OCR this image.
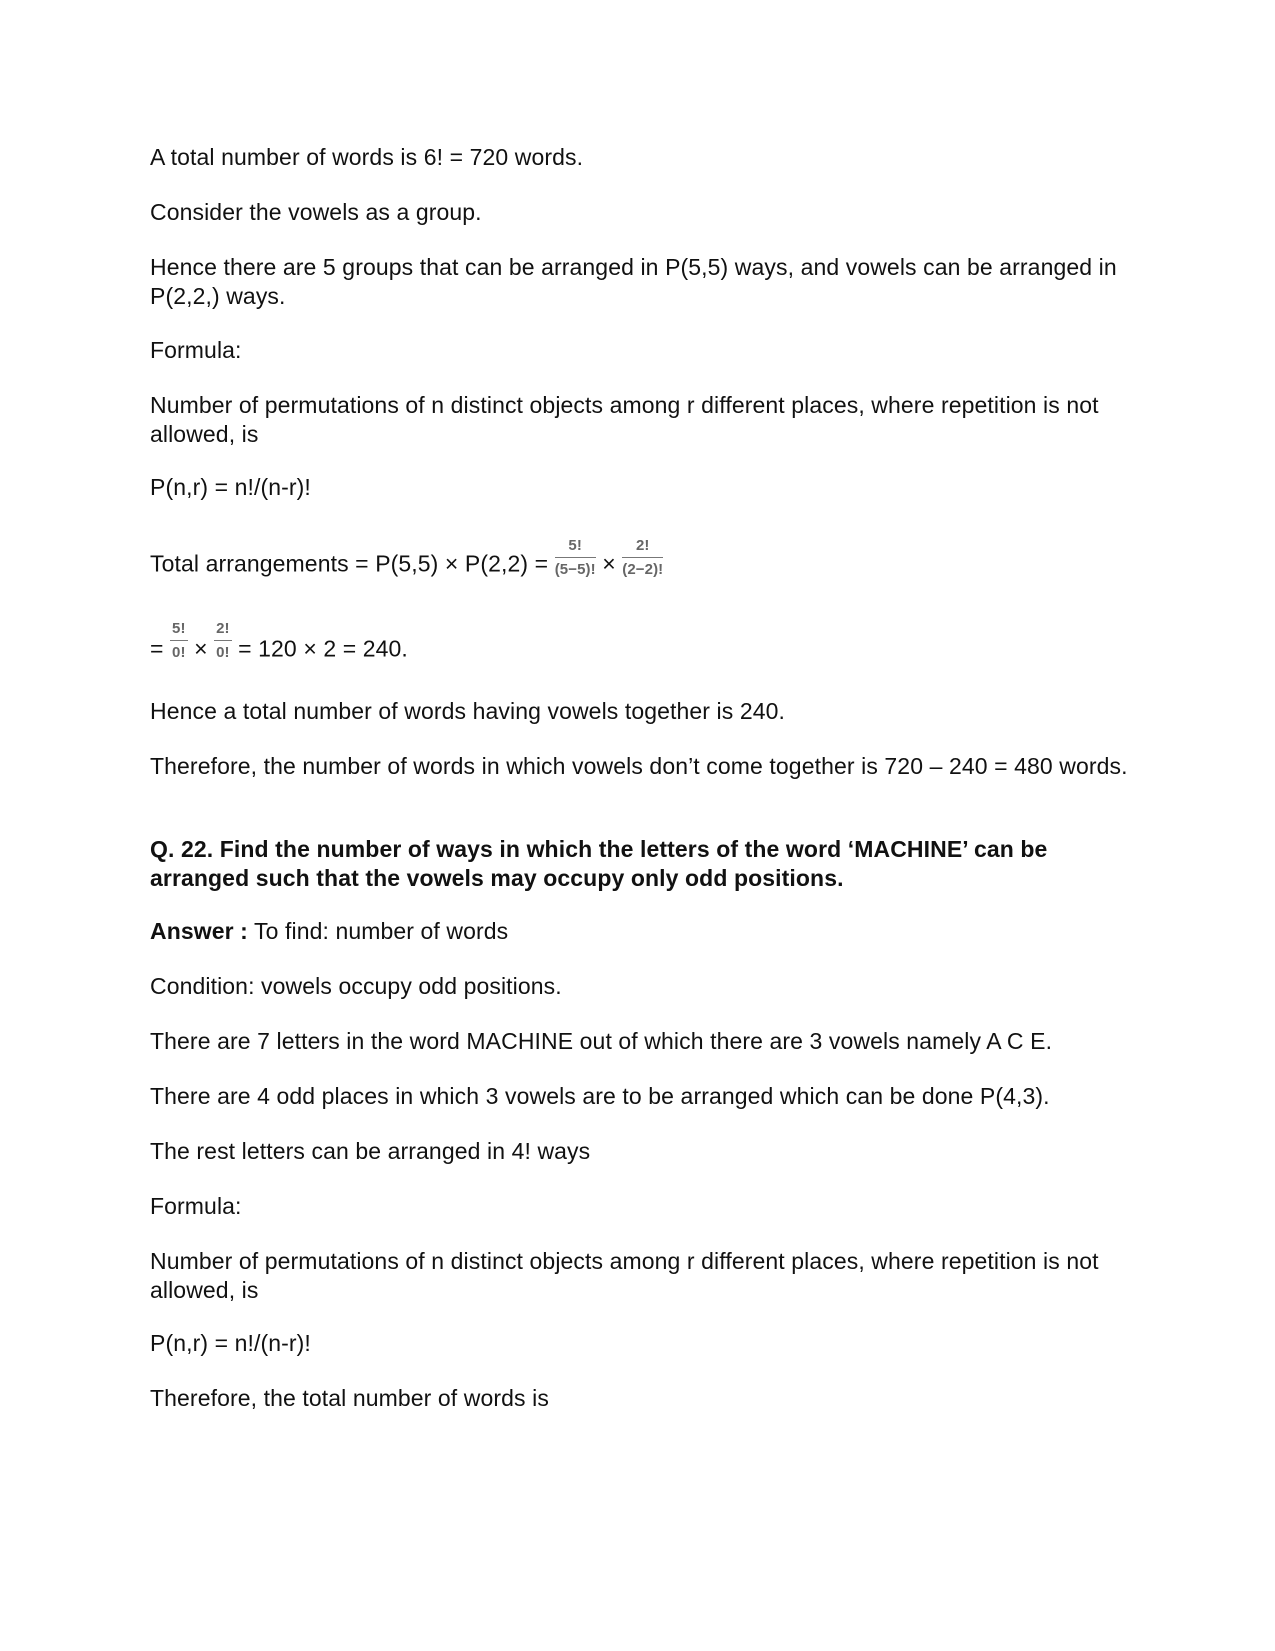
A total number of words is 6! = 720 words.
Consider the vowels as a group.
Hence there are 5 groups that can be arranged in P(5,5) ways, and vowels can be arranged in P(2,2,) ways.
Formula:
Number of permutations of n distinct objects among r different places, where repetition is not allowed, is
P(n,r) = n!/(n-r)!
Total arrangements = $P(5,5) \times P(2,2) = \frac{5!}{(5-5)!} \times \frac{2!}{(2-2)!}$
= $\frac{5!}{0!} \times \frac{2!}{0!} = 120 \times 2 = 240$.
Hence a total number of words having vowels together is 240.
Therefore, the number of words in which vowels don’t come together is 720 – 240 = 480 words.
Q. 22. Find the number of ways in which the letters of the word ‘MACHINE’ can be arranged such that the vowels may occupy only odd positions.
Answer : To find: number of words
Condition: vowels occupy odd positions.
There are 7 letters in the word MACHINE out of which there are 3 vowels namely A C E.
There are 4 odd places in which 3 vowels are to be arranged which can be done P(4,3).
The rest letters can be arranged in 4! ways
Formula:
Number of permutations of n distinct objects among r different places, where repetition is not allowed, is
P(n,r) = n!/(n-r)!
Therefore, the total number of words is
